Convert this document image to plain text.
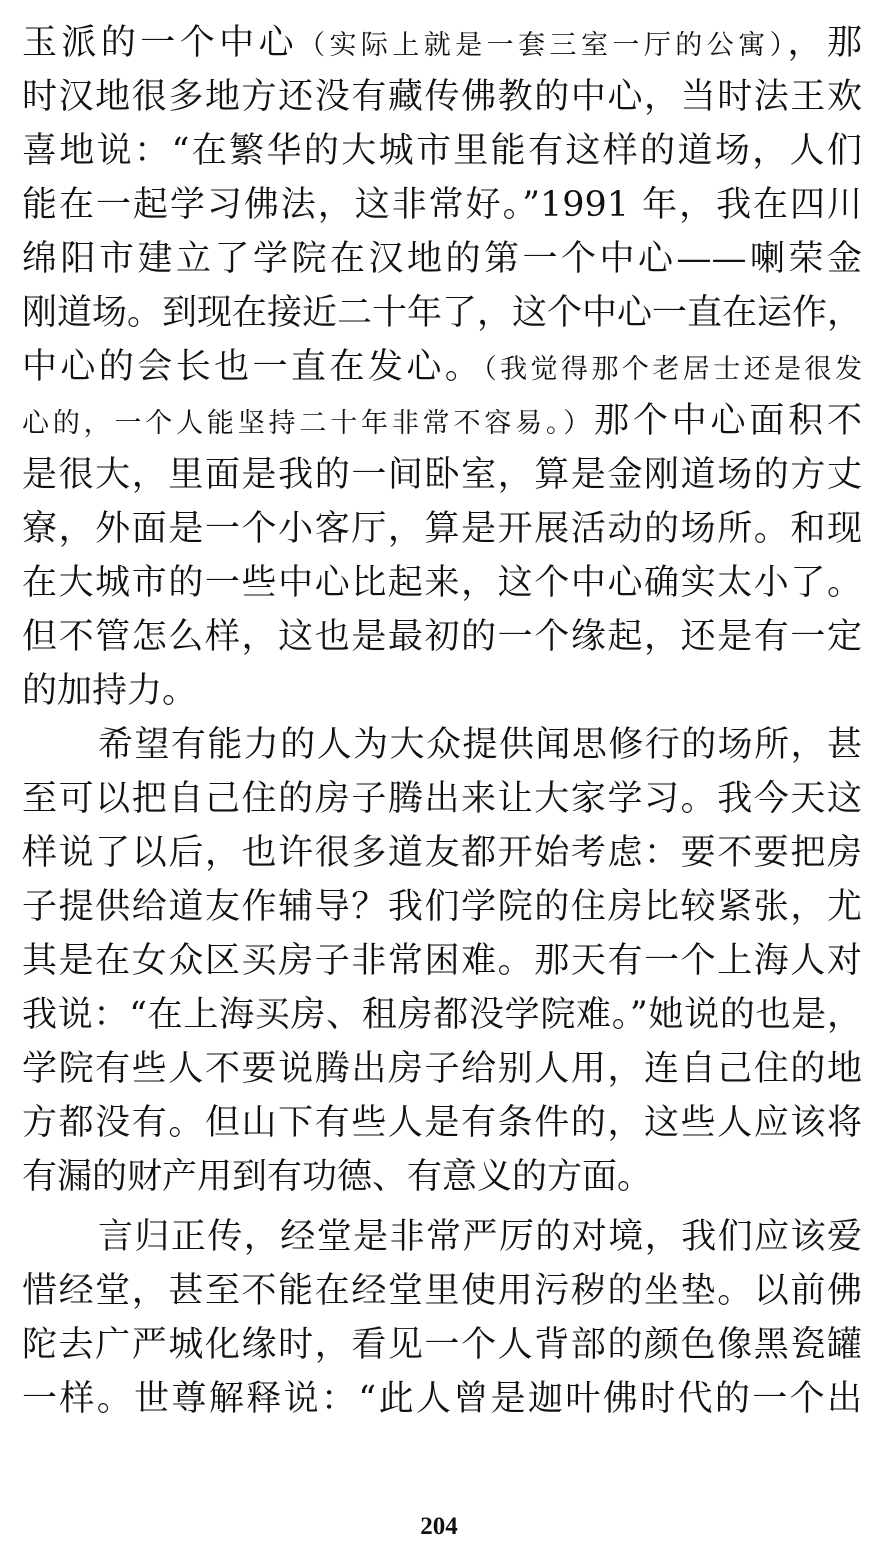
玉派的一个中心（实际上就是一套三室一厅的公寓），那
时汉地很多地方还没有藏传佛教的中心，当时法王欢
喜地说：“在繁华的大城市里能有这样的道场，人们
能在一起学习佛法，这非常好。”1991 年，我在四川
绵阳市建立了学院在汉地的第一个中心——喇荣金
刚道场。到现在接近二十年了，这个中心一直在运作，
中心的会长也一直在发心。（我觉得那个老居士还是很发
心的，一个人能坚持二十年非常不容易。）那个中心面积不
是很大，里面是我的一间卧室，算是金刚道场的方丈
寮，外面是一个小客厅，算是开展活动的场所。和现
在大城市的一些中心比起来，这个中心确实太小了。
但不管怎么样，这也是最初的一个缘起，还是有一定
的加持力。
希望有能力的人为大众提供闻思修行的场所，甚
至可以把自己住的房子腾出来让大家学习。我今天这
样说了以后，也许很多道友都开始考虑：要不要把房
子提供给道友作辅导？我们学院的住房比较紧张，尤
其是在女众区买房子非常困难。那天有一个上海人对
我说：“在上海买房、租房都没学院难。”她说的也是，
学院有些人不要说腾出房子给别人用，连自己住的地
方都没有。但山下有些人是有条件的，这些人应该将
有漏的财产用到有功德、有意义的方面。
言归正传，经堂是非常严厉的对境，我们应该爱
惜经堂，甚至不能在经堂里使用污秽的坐垫。以前佛
陀去广严城化缘时，看见一个人背部的颜色像黑瓷罐
一样。世尊解释说：“此人曾是迦叶佛时代的一个出
204
